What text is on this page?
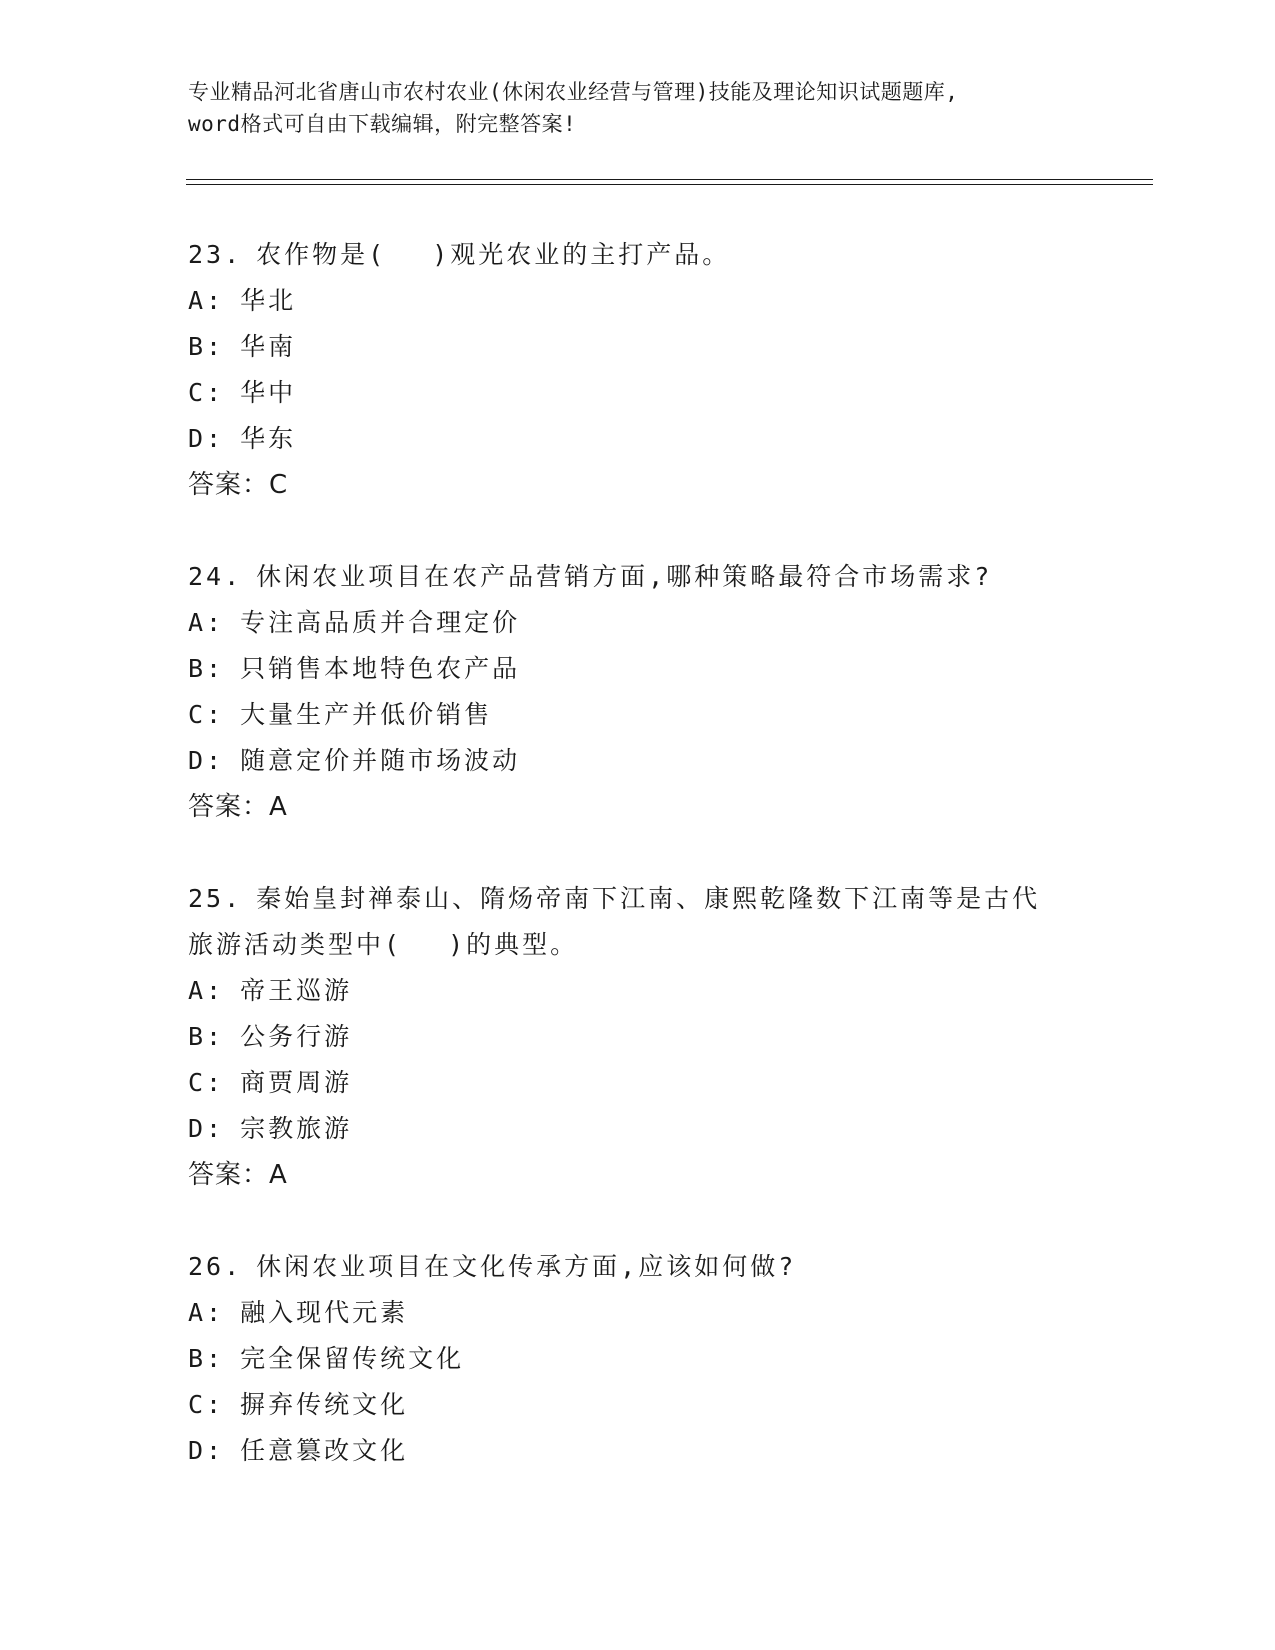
专业精品河北省唐山市农村农业(休闲农业经营与管理)技能及理论知识试题题库,
word格式可自由下载编辑，附完整答案!

23. 农作物是(　 )观光农业的主打产品。

A: 华北

B: 华南

C: 华中

D: 华东

答案：C

24. 休闲农业项目在农产品营销方面,哪种策略最符合市场需求?

A: 专注高品质并合理定价

B: 只销售本地特色农产品

C: 大量生产并低价销售

D: 随意定价并随市场波动

答案：A

25. 秦始皇封禅泰山、隋炀帝南下江南、康熙乾隆数下江南等是古代

旅游活动类型中(　 )的典型。

A: 帝王巡游

B: 公务行游

C: 商贾周游

D: 宗教旅游

答案：A

26. 休闲农业项目在文化传承方面,应该如何做?

A: 融入现代元素

B: 完全保留传统文化

C: 摒弃传统文化

D: 任意篡改文化
